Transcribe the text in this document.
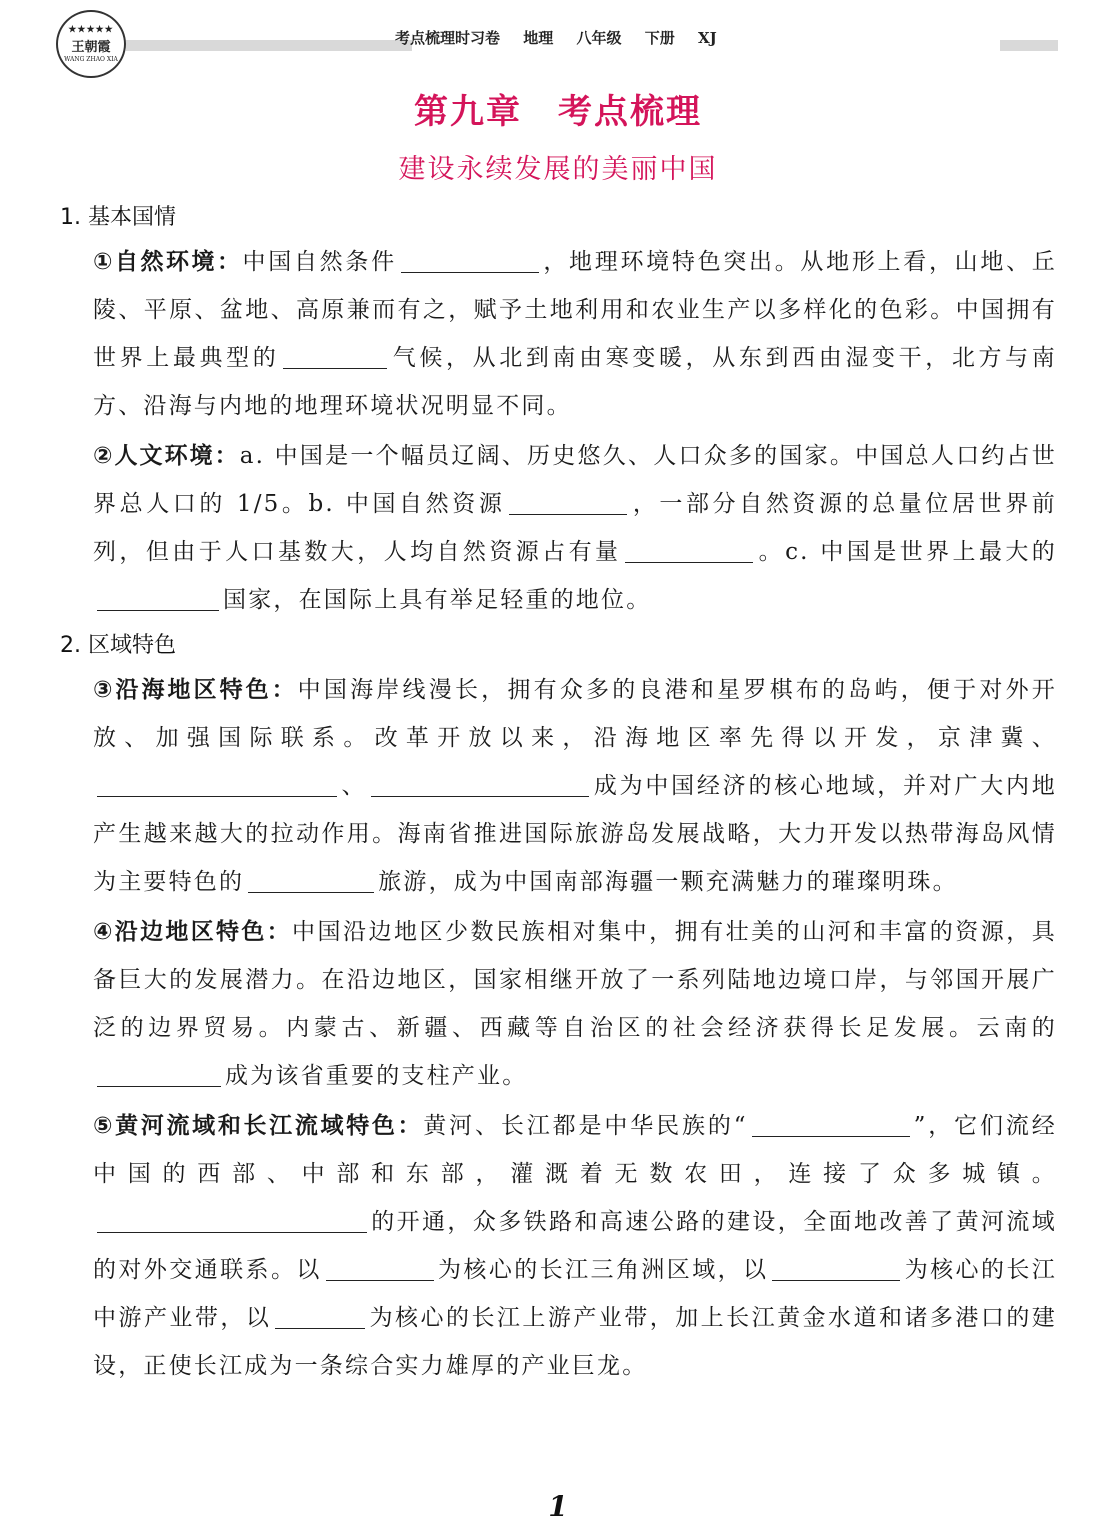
★★★★★
王朝霞
WANG ZHAO XIA
考点梳理时习卷 地理 八年级 下册 XJ
第九章 考点梳理
建设永续发展的美丽中国
1. 基本国情
①自然环境：中国自然条件	，地理环境特色突出。从地形上看，山地、丘陵、平原、盆地、高原兼而有之，赋予土地利用和农业生产以多样化的色彩。中国拥有世界上最典型的	气候，从北到南由寒变暖，从东到西由湿变干，北方与南方、沿海与内地的地理环境状况明显不同。
②人文环境：a. 中国是一个幅员辽阔、历史悠久、人口众多的国家。中国总人口约占世界总人口的 1/5。b. 中国自然资源	，一部分自然资源的总量位居世界前列，但由于人口基数大，人均自然资源占有量	。c. 中国是世界上最大的国家，在国际上具有举足轻重的地位。
2. 区域特色
③沿海地区特色：中国海岸线漫长，拥有众多的良港和星罗棋布的岛屿，便于对外开放、加强国际联系。改革开放以来，沿海地区率先得以开发，京津冀、、	成为中国经济的核心地域，并对广大内地产生越来越大的拉动作用。海南省推进国际旅游岛发展战略，大力开发以热带海岛风情为主要特色的	旅游，成为中国南部海疆一颗充满魅力的璀璨明珠。
④沿边地区特色：中国沿边地区少数民族相对集中，拥有壮美的山河和丰富的资源，具备巨大的发展潜力。在沿边地区，国家相继开放了一系列陆地边境口岸，与邻国开展广泛的边界贸易。内蒙古、新疆、西藏等自治区的社会经济获得长足发展。云南的成为该省重要的支柱产业。
⑤黄河流域和长江流域特色：黄河、长江都是中华民族的“	”，它们流经中国的西部、中部和东部，灌溉着无数农田，连接了众多城镇。的开通，众多铁路和高速公路的建设，全面地改善了黄河流域的对外交通联系。以	为核心的长江三角洲区域，以	为核心的长江中游产业带，以	为核心的长江上游产业带，加上长江黄金水道和诸多港口的建设，正使长江成为一条综合实力雄厚的产业巨龙。
1
